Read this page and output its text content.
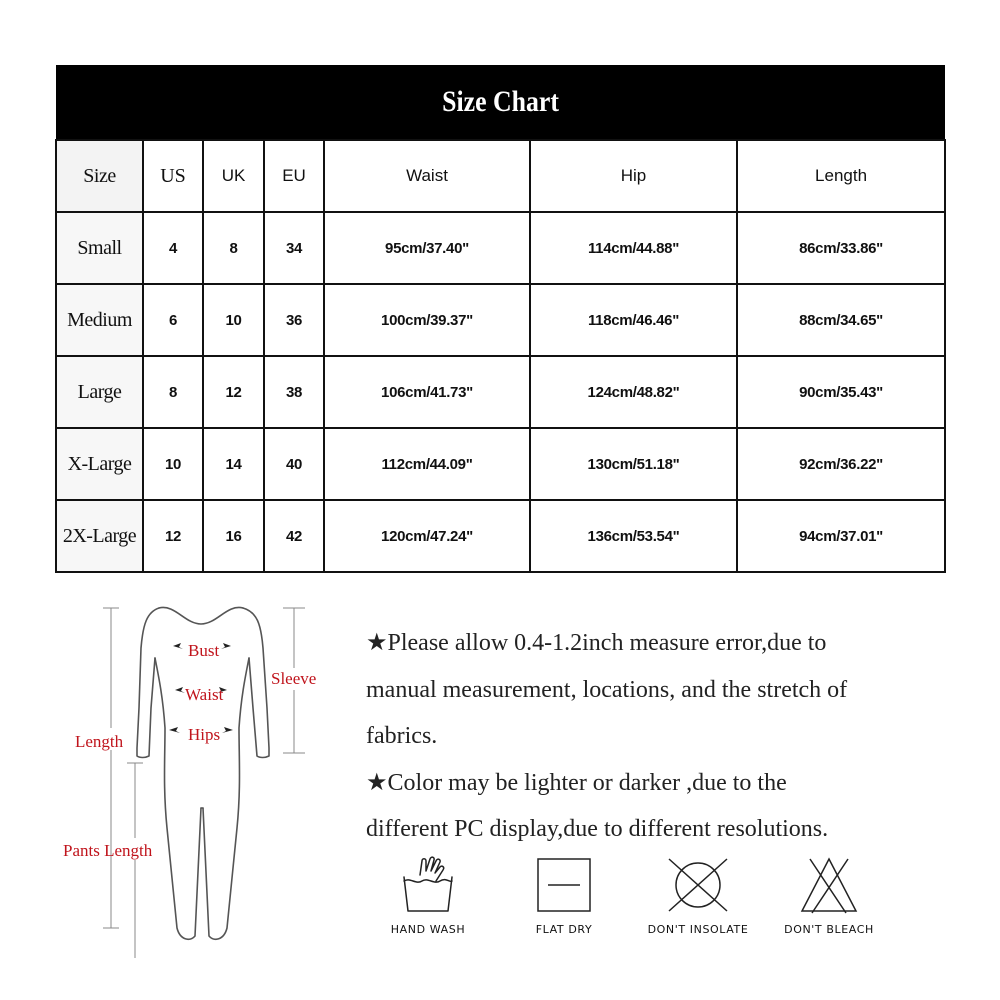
Size Chart						

Size	US	UK	EU	Waist	Hip	Length
Small	4	8	34	95cm/37.40"	114cm/44.88"	86cm/33.86"
Medium	6	10	36	100cm/39.37"	118cm/46.46"	88cm/34.65"
Large	8	12	38	106cm/41.73"	124cm/48.82"	90cm/35.43"
X-Large	10	14	40	112cm/44.09"	130cm/51.18"	92cm/36.22"
2X-Large	12	16	42	120cm/47.24"	136cm/53.54"	94cm/37.01"
Bust
Waist
Hips
Sleeve
Length
Pants Length
★Please allow 0.4-1.2inch measure error,due to
manual measurement, locations, and the stretch of
fabrics.
★Color may be lighter or darker ,due to the
different PC display,due to different resolutions.
HAND WASH	FLAT DRY	DON'T INSOLATE	DON'T BLEACH
